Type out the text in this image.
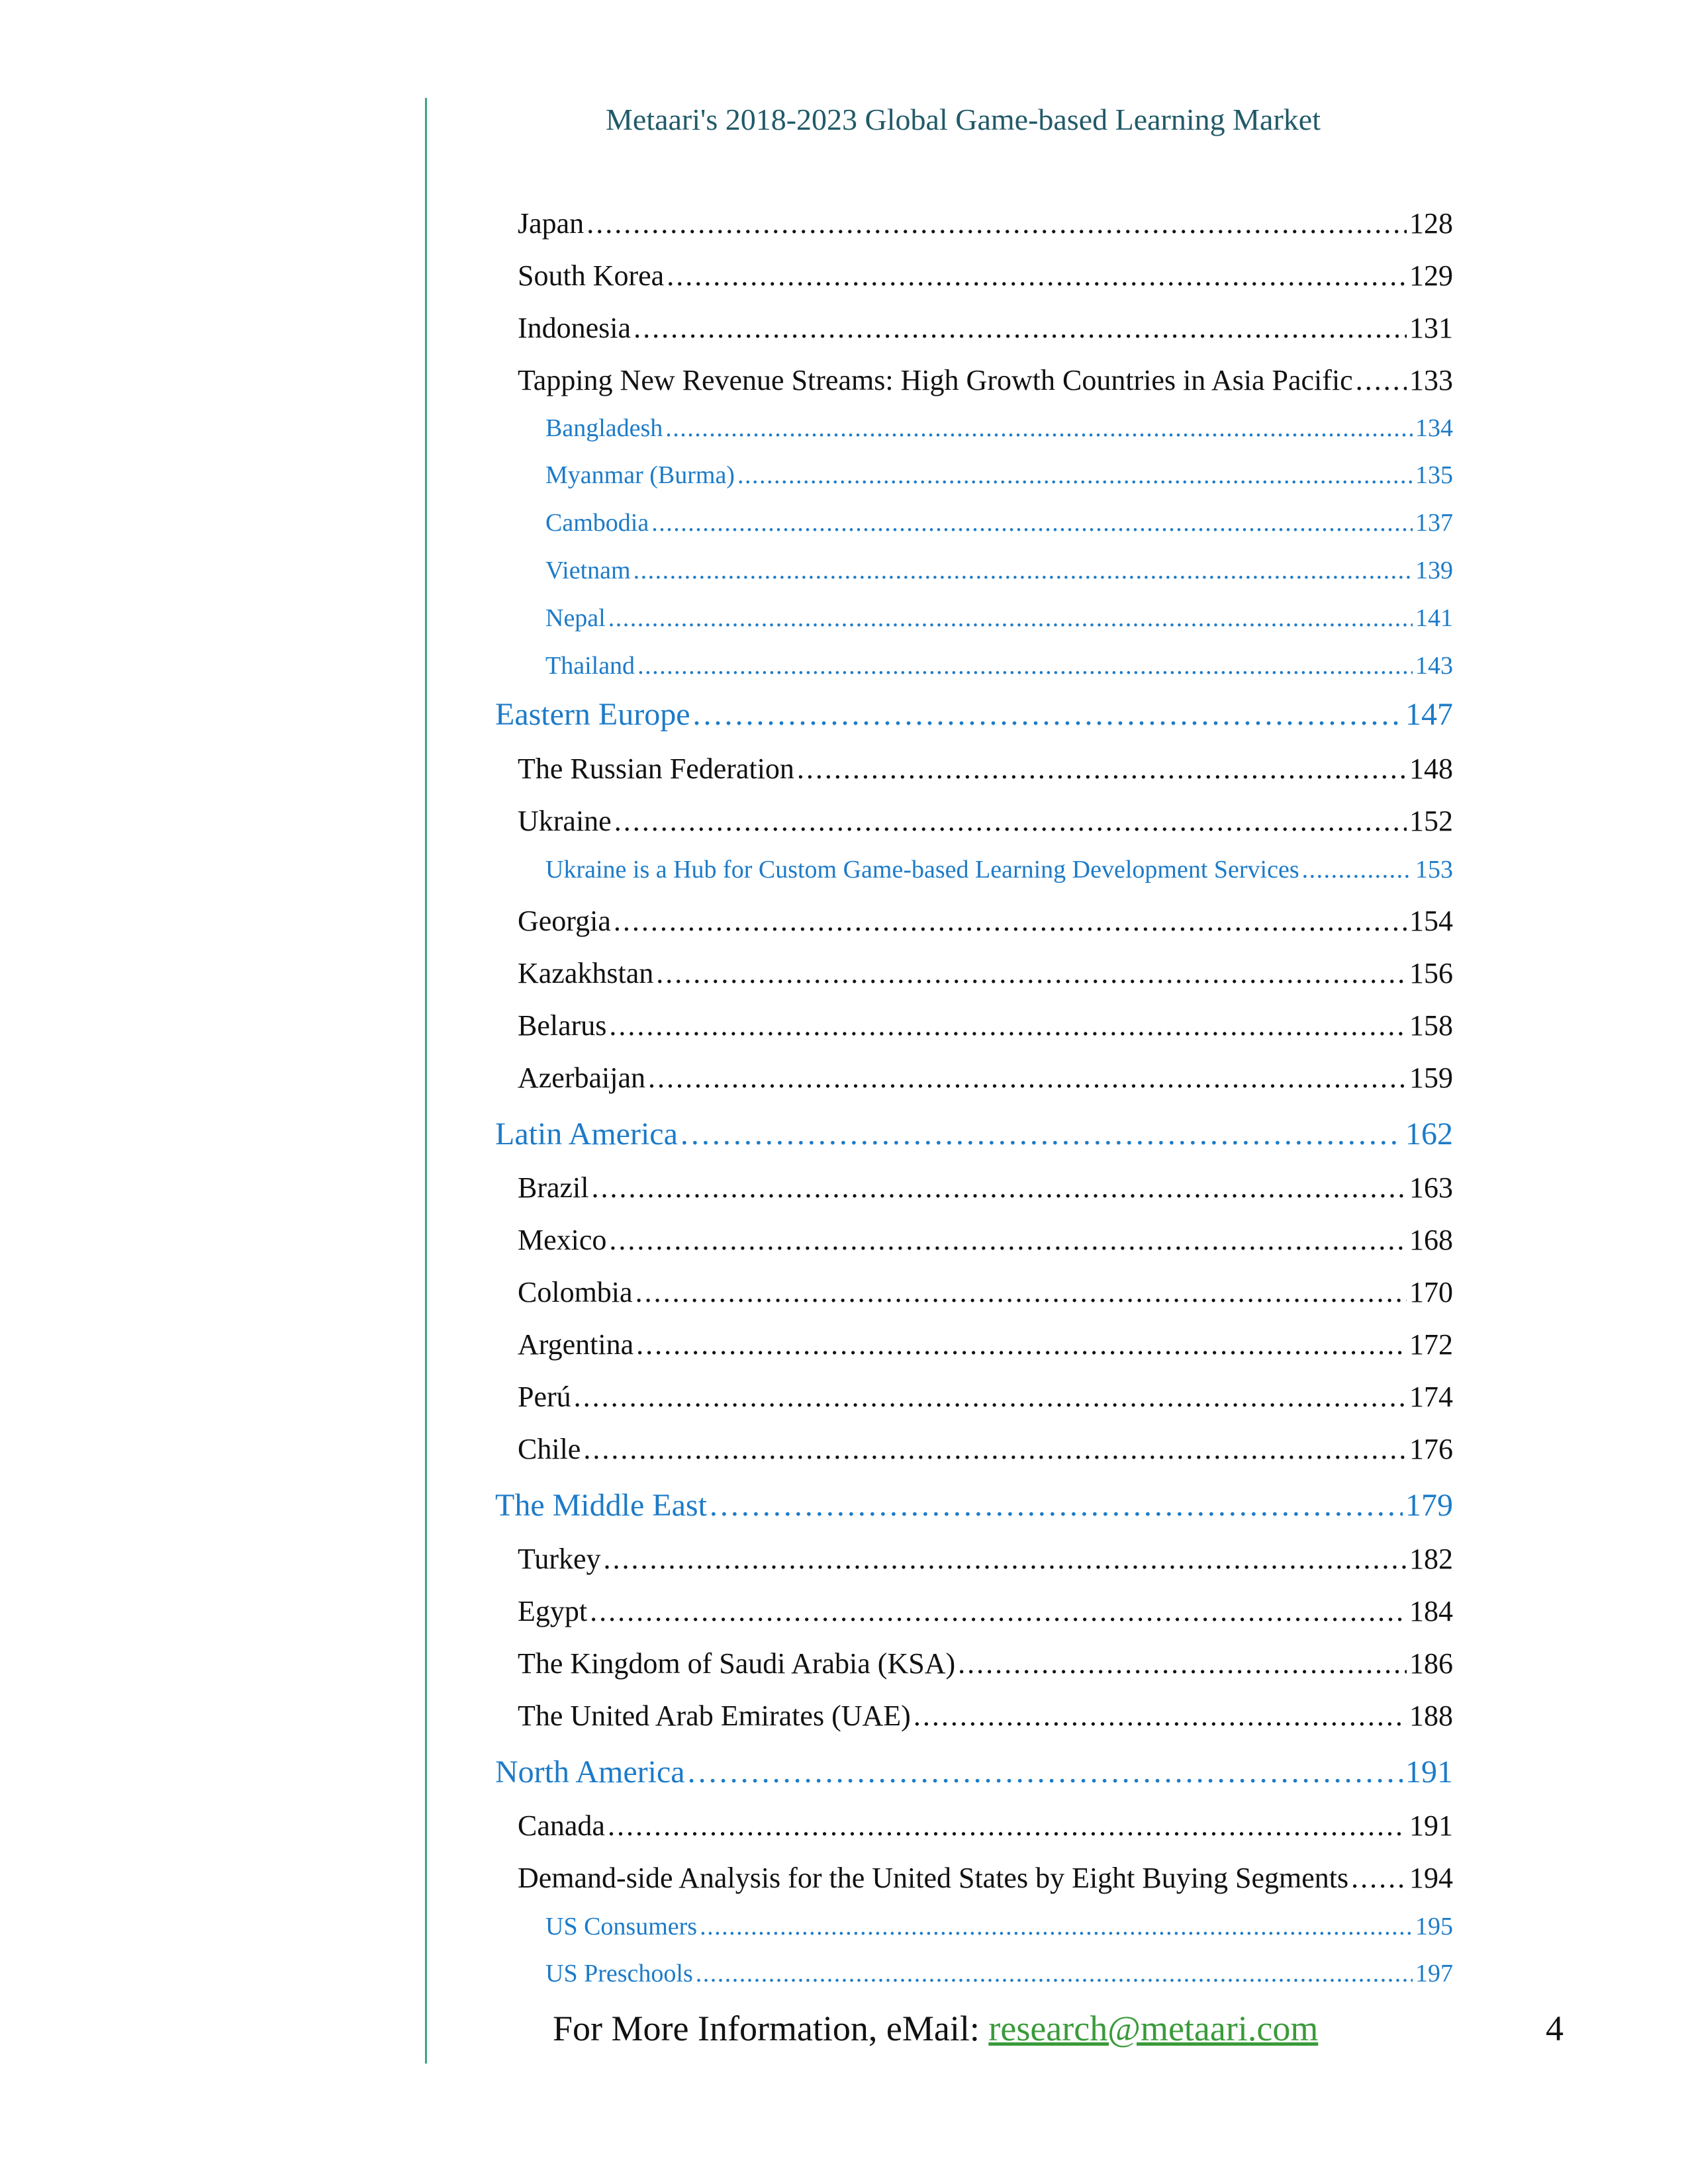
Metaari's 2018-2023 Global Game-based Learning Market
Japan . . .	128
South Korea . . .	129
Indonesia . . .	131
Tapping New Revenue Streams: High Growth Countries in Asia Pacific . . . 133
Bangladesh . . .	134
Myanmar (Burma) . . .	135
Cambodia . . .	137
Vietnam . . .	139
Nepal . . .	141
Thailand . . .	143
Eastern Europe . . .	147
The Russian Federation . . .	148
Ukraine . . .	152
Ukraine is a Hub for Custom Game-based Learning Development Services . . .	153
Georgia . . .	154
Kazakhstan . . .	156
Belarus . . .	158
Azerbaijan . . .	159
Latin America . . .	162
Brazil . . .	163
Mexico . . .	168
Colombia . . .	170
Argentina . . .	172
Perú . . .	174
Chile . . .	176
The Middle East . . .	179
Turkey . . .	182
Egypt . . .	184
The Kingdom of Saudi Arabia (KSA) . . .	186
The United Arab Emirates (UAE) . . .	188
North America . . .	191
Canada . . .	191
Demand-side Analysis for the United States by Eight Buying Segments . . . 194
US Consumers . . .	195
US Preschools . . .	197
For More Information, eMail: research@metaari.com	4
